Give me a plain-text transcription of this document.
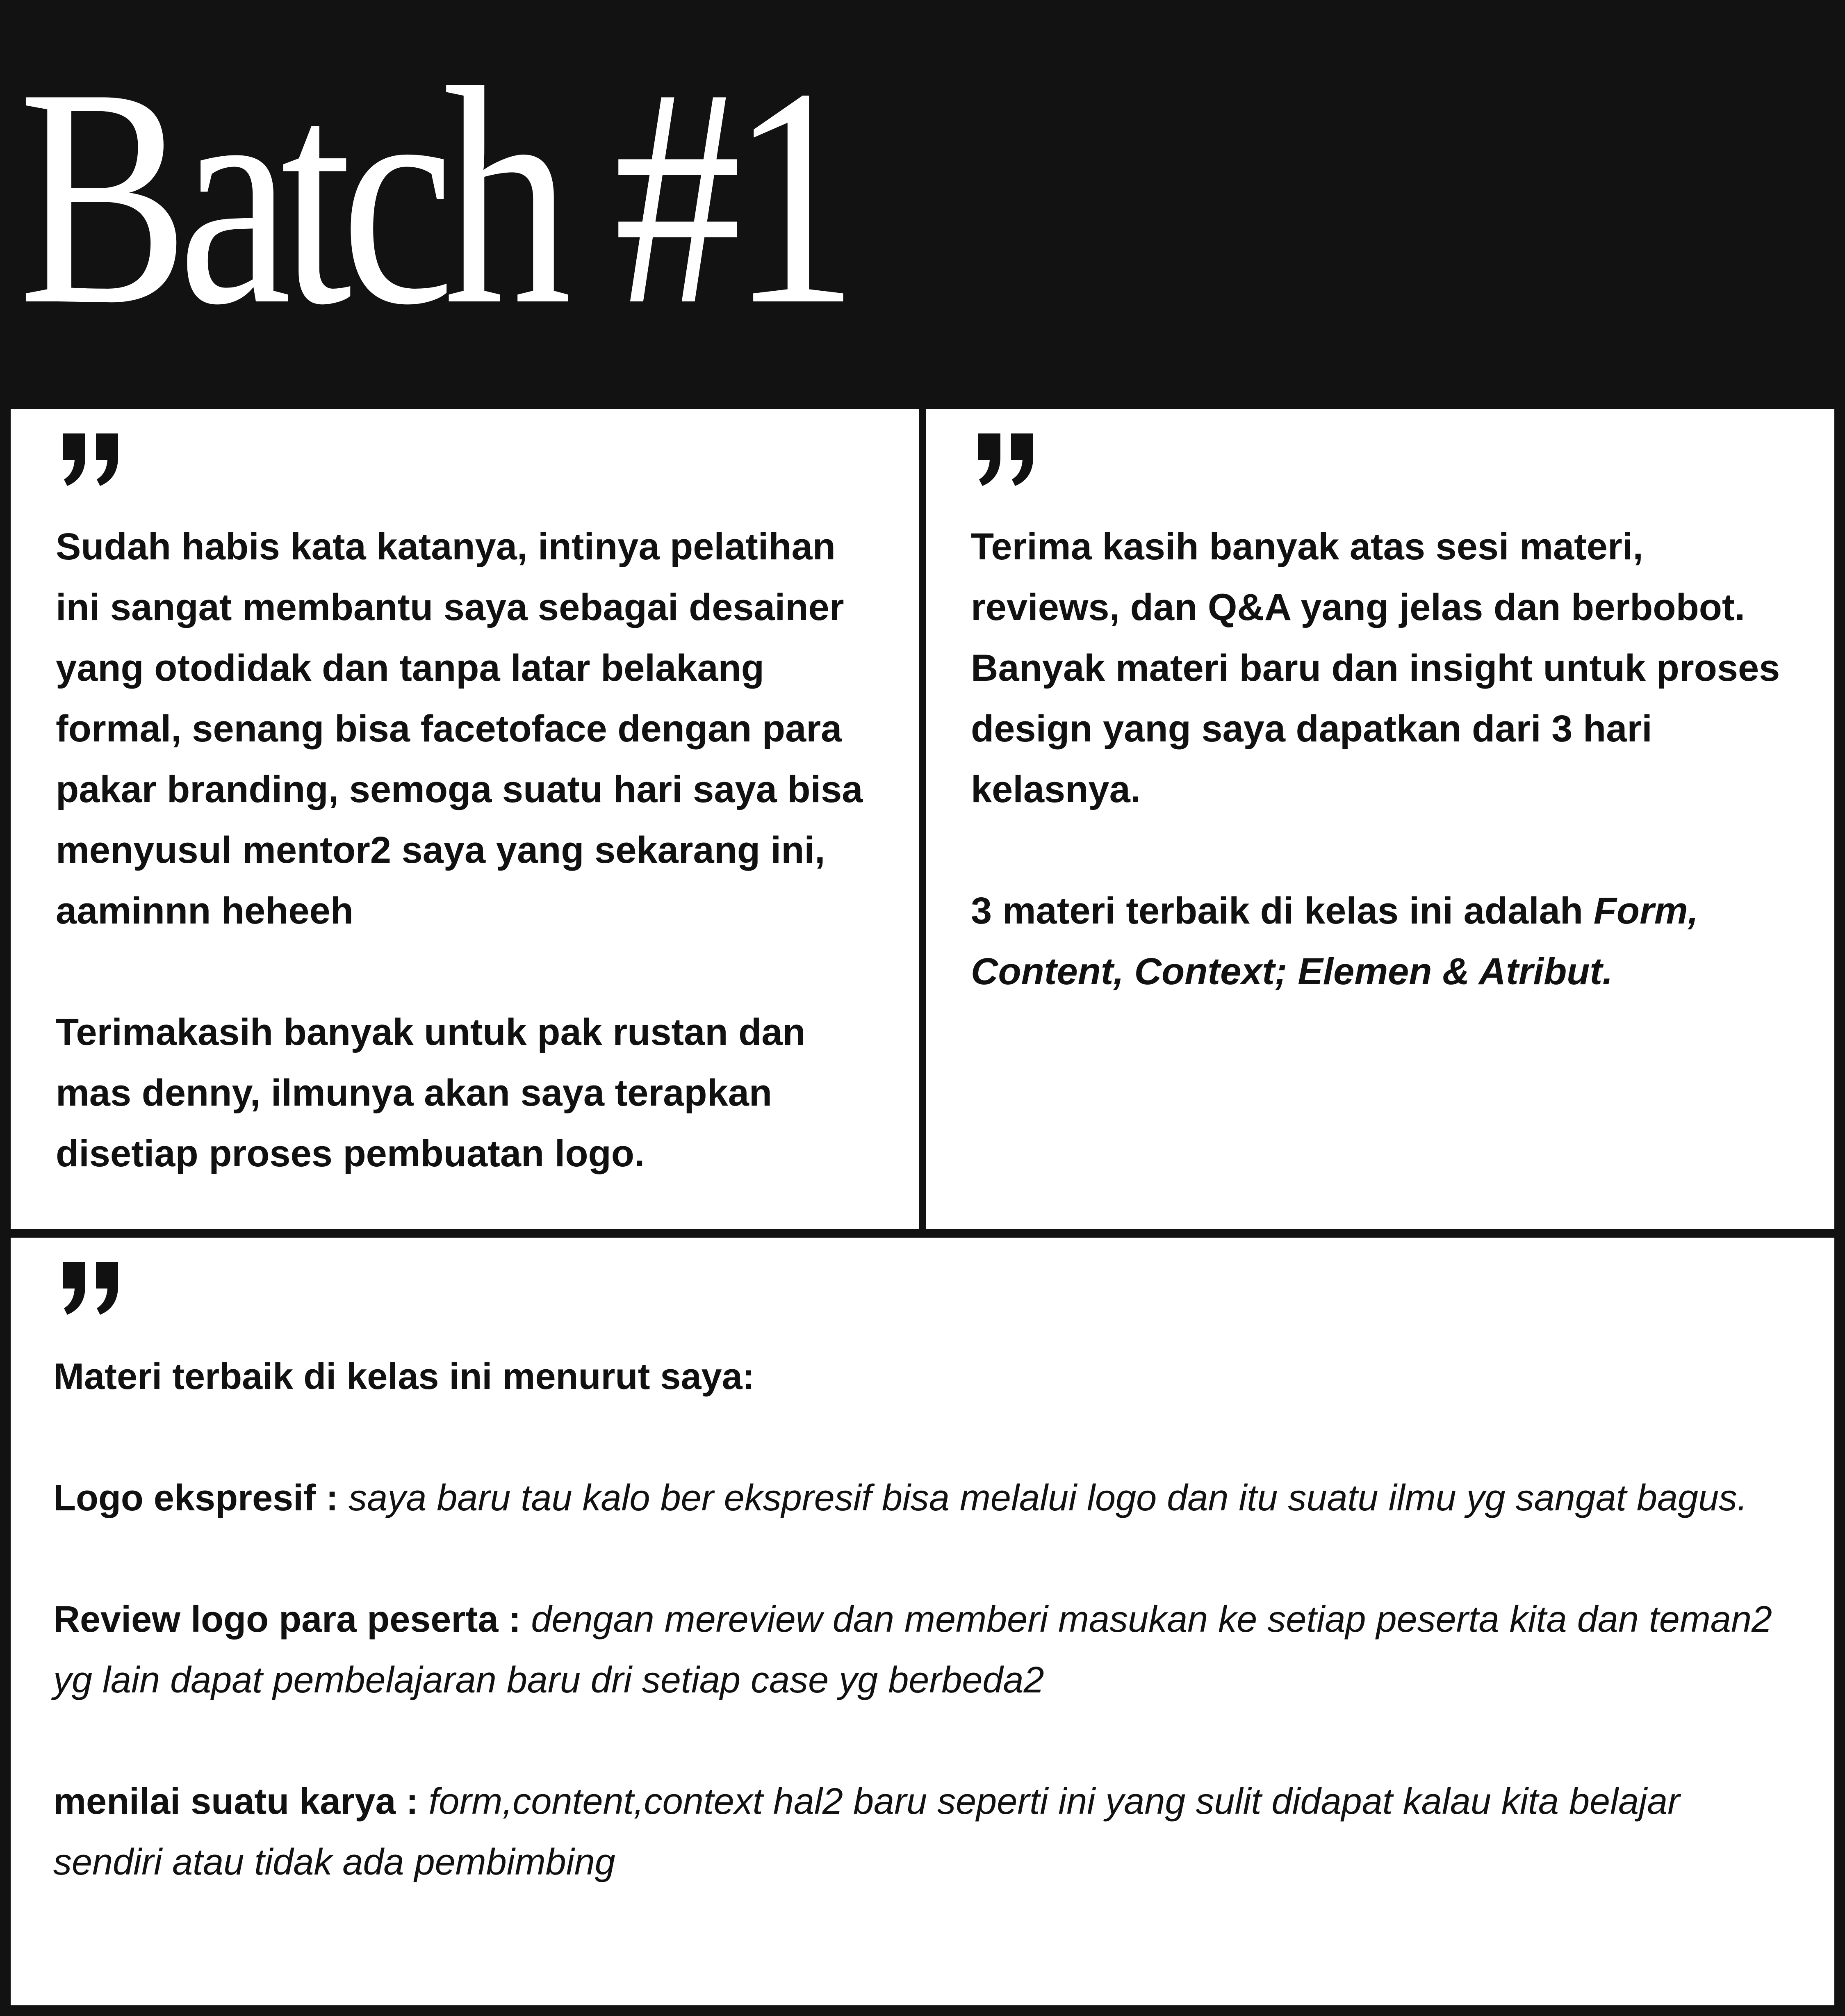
Batch #1
Sudah habis kata katanya, intinya pelatihan ini sangat membantu saya sebagai desainer yang otodidak dan tanpa latar belakang formal, senang bisa facetoface dengan para pakar branding, semoga suatu hari saya bisa menyusul mentor2 saya yang sekarang ini, aaminnn heheeh
Terimakasih banyak untuk pak rustan dan mas denny, ilmunya akan saya terapkan disetiap proses pembuatan logo.
Terima kasih banyak atas sesi materi, reviews, dan Q&A yang jelas dan berbobot. Banyak materi baru dan insight untuk proses design yang saya dapatkan dari 3 hari kelasnya.
3 materi terbaik di kelas ini adalah Form, Content, Context; Elemen & Atribut.
Materi terbaik di kelas ini menurut saya:
Logo ekspresif : saya baru tau kalo ber ekspresif bisa melalui logo dan itu suatu ilmu yg sangat bagus.
Review logo para peserta : dengan mereview dan memberi masukan ke setiap peserta kita dan teman2 yg lain dapat pembelajaran baru dri setiap case yg berbeda2
menilai suatu karya : form,content,context hal2 baru seperti ini yang sulit didapat kalau kita belajar sendiri atau tidak ada pembimbing
